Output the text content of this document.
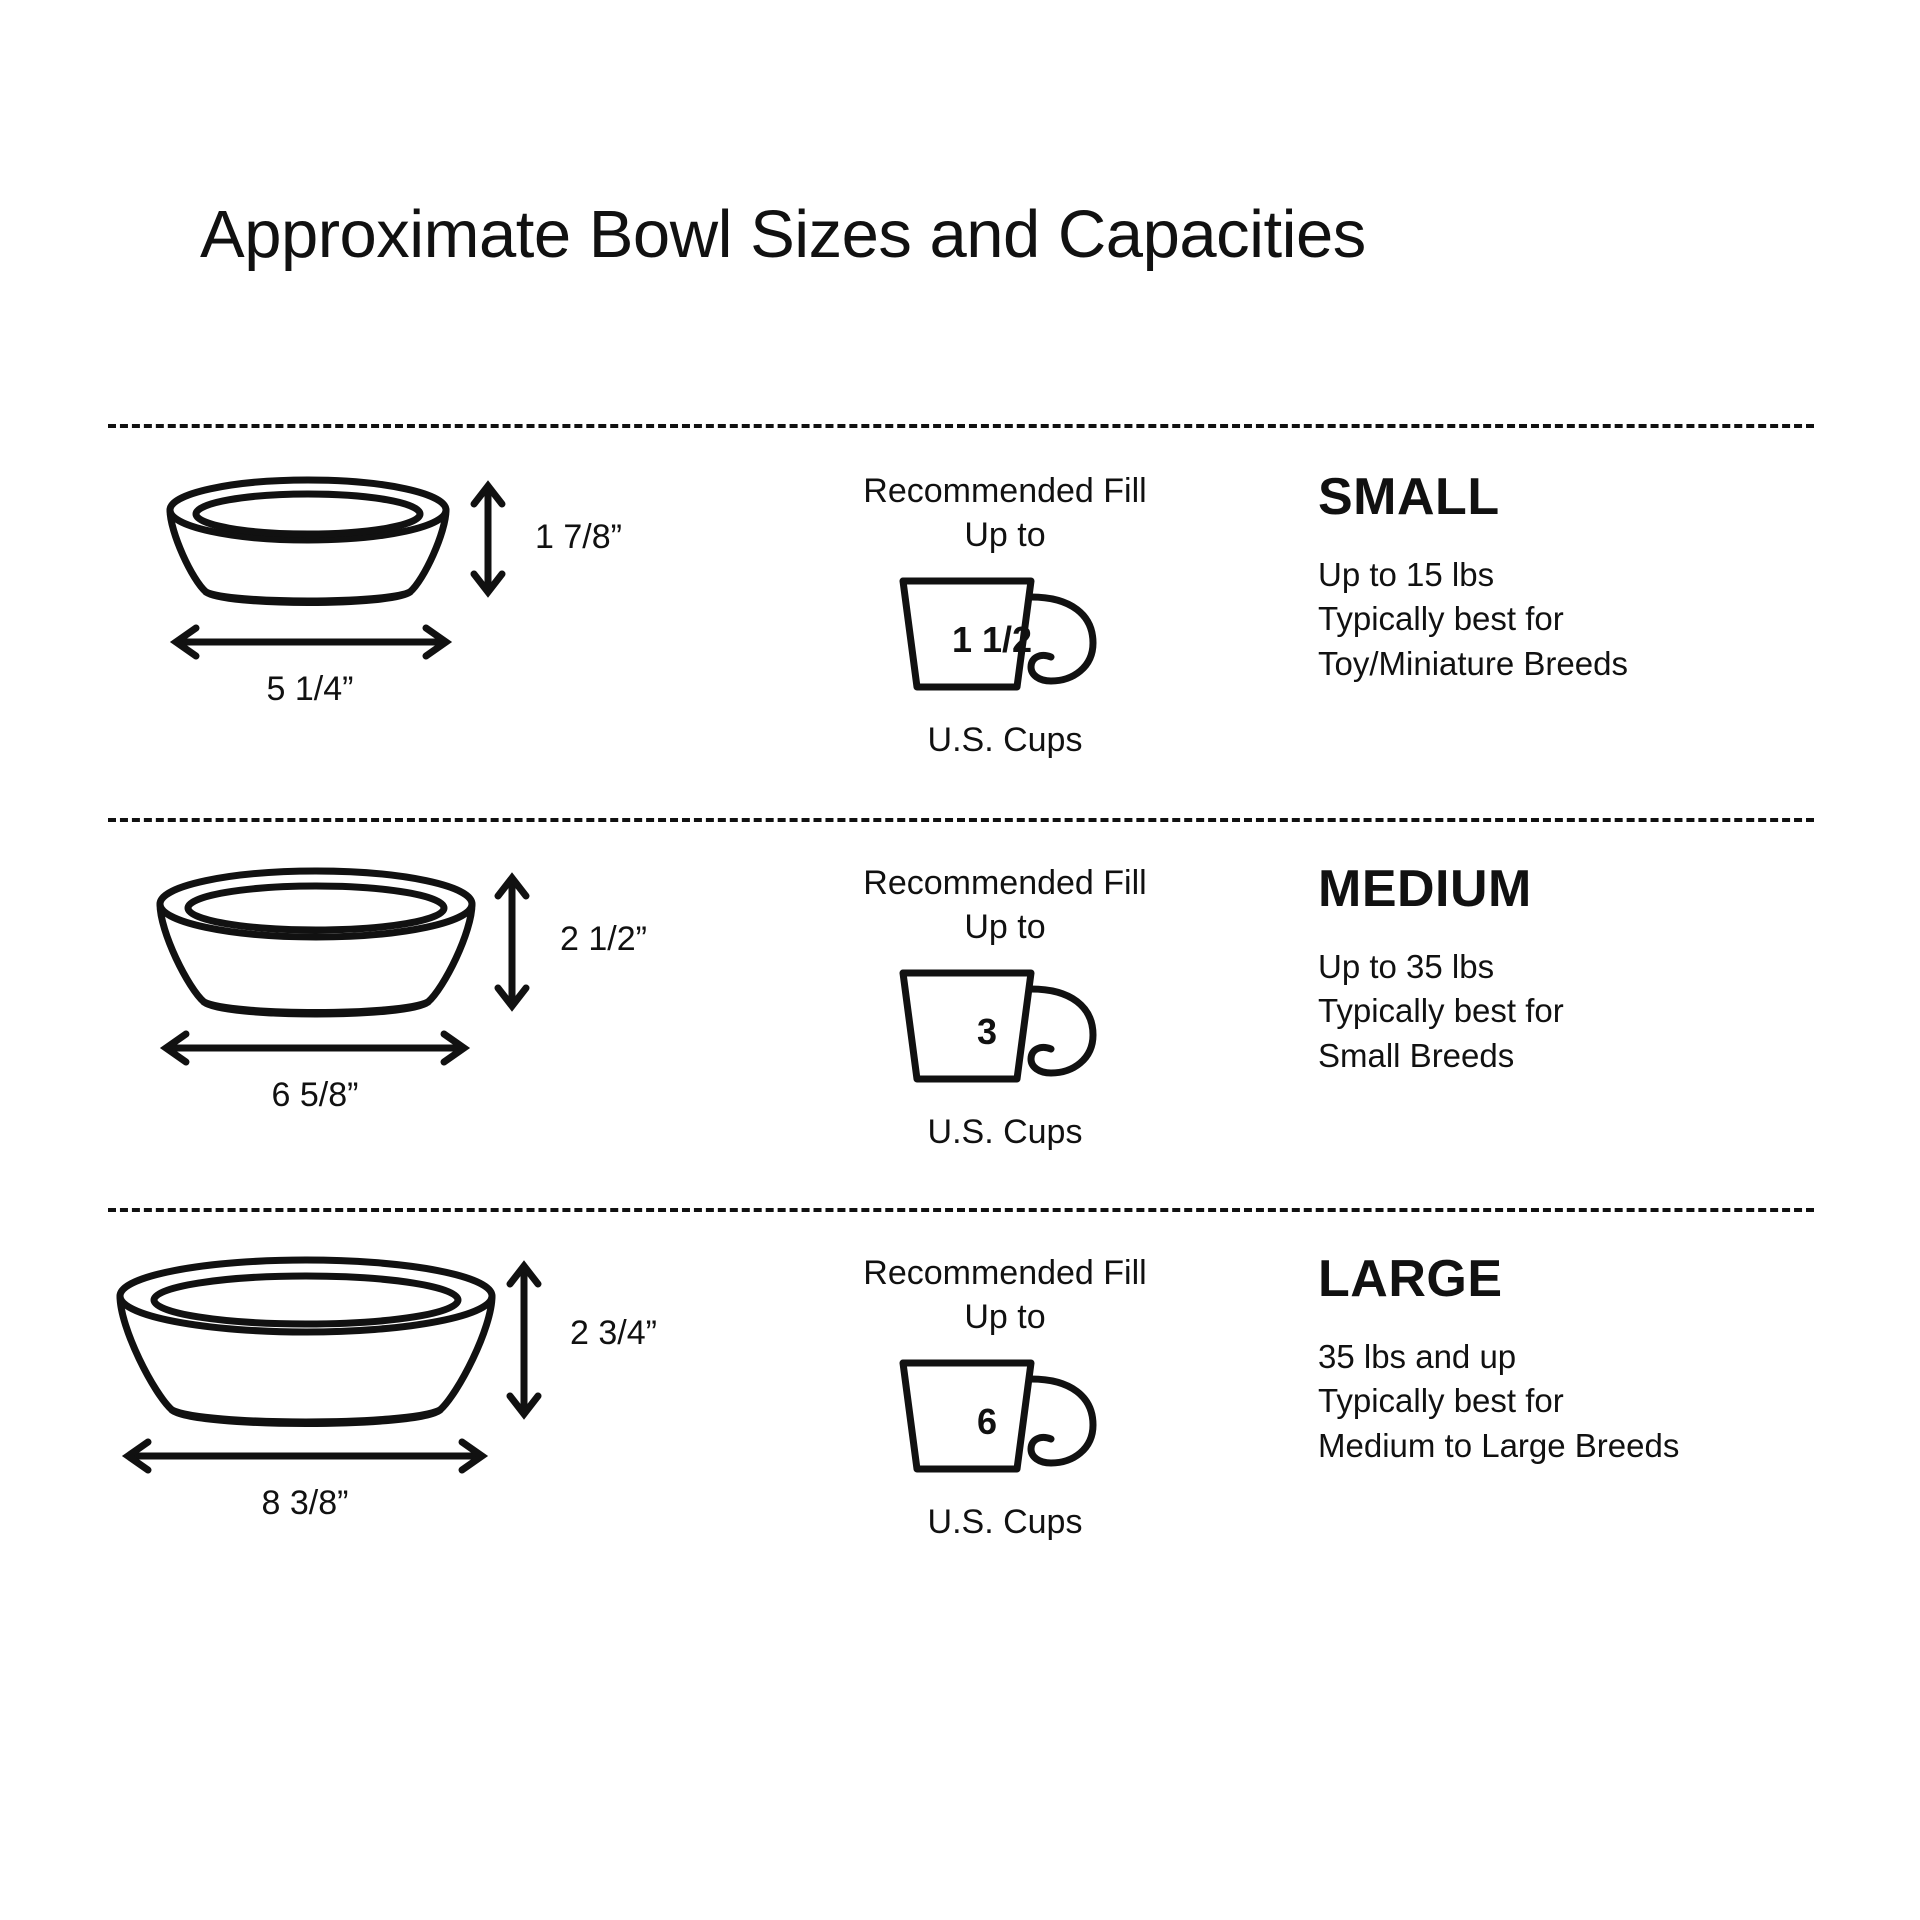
Approximate Bowl Sizes and Capacities
1 7/8”
5 1/4”
Recommended Fill
Up to
1 1/2
U.S. Cups
SMALL
Up to 15 lbs
Typically best for
Toy/Miniature Breeds
2 1/2”
6 5/8”
Recommended Fill
Up to
3
U.S. Cups
MEDIUM
Up to 35 lbs
Typically best for
Small Breeds
2 3/4”
8 3/8”
Recommended Fill
Up to
6
U.S. Cups
LARGE
35 lbs and up
Typically best for
Medium to Large Breeds
